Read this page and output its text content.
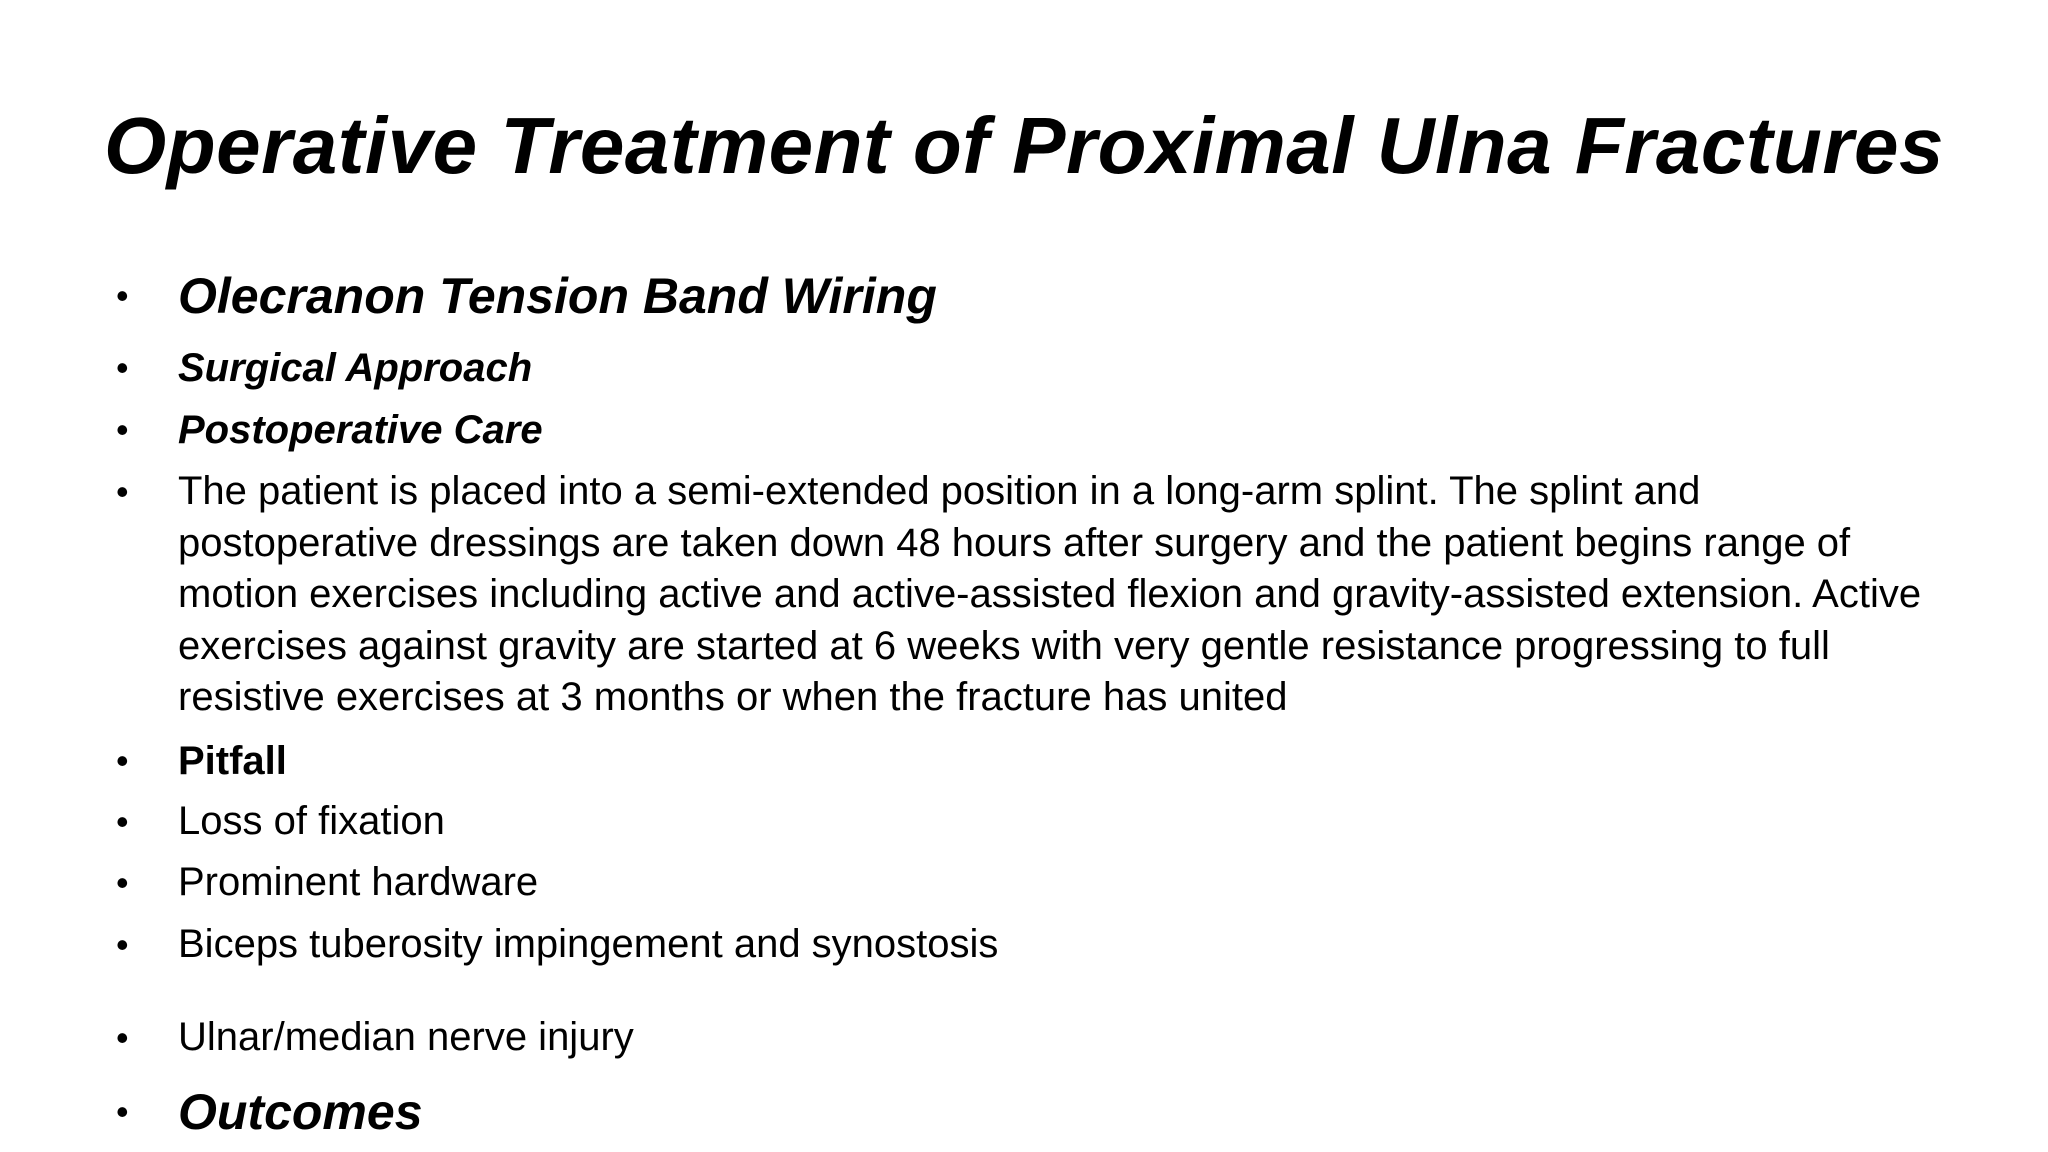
Operative Treatment of Proximal Ulna Fractures
• Olecranon Tension Band Wiring
• Surgical Approach
• Postoperative Care
• The patient is placed into a semi-extended position in a long-arm splint. The splint and postoperative dressings are taken down 48 hours after surgery and the patient begins range of motion exercises including active and active-assisted flexion and gravity-assisted extension. Active exercises against gravity are started at 6 weeks with very gentle resistance progressing to full resistive exercises at 3 months or when the fracture has united
• Pitfall
• Loss of fixation
• Prominent hardware
• Biceps tuberosity impingement and synostosis
• Ulnar/median nerve injury
• Outcomes
